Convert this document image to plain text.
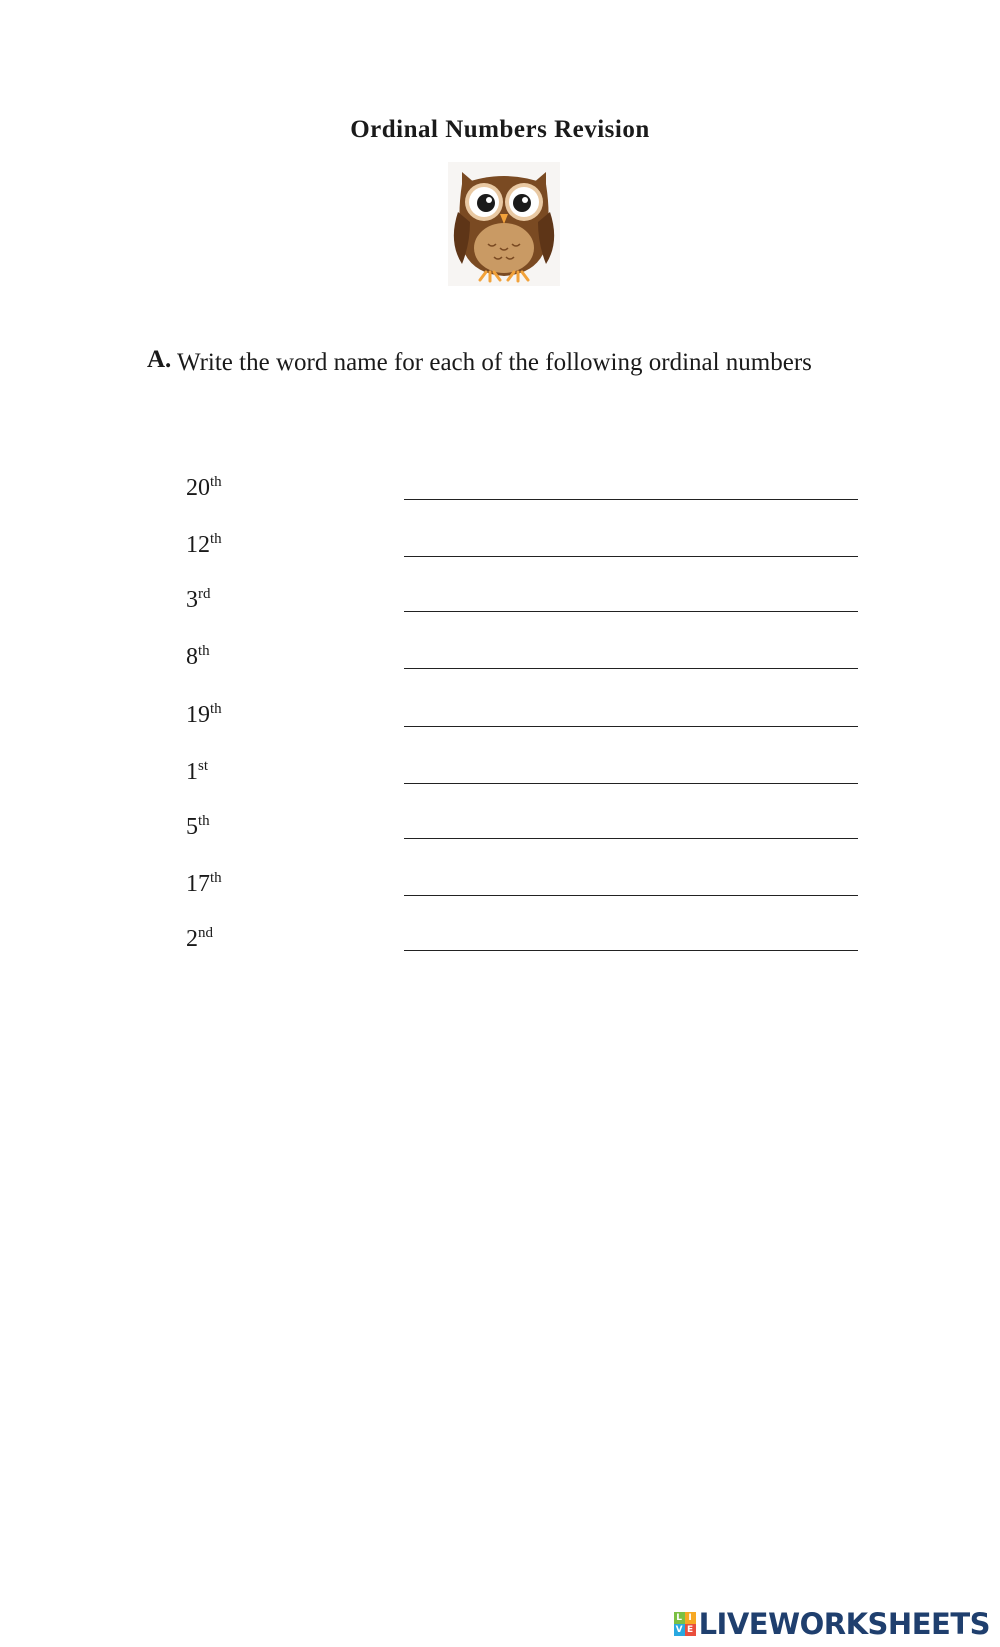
Ordinal Numbers Revision
A. Write the word name for each of the following ordinal numbers
20th
12th
3rd
8th
19th
1st
5th
17th
2nd
L I
V E LIVEWORKSHEETS
